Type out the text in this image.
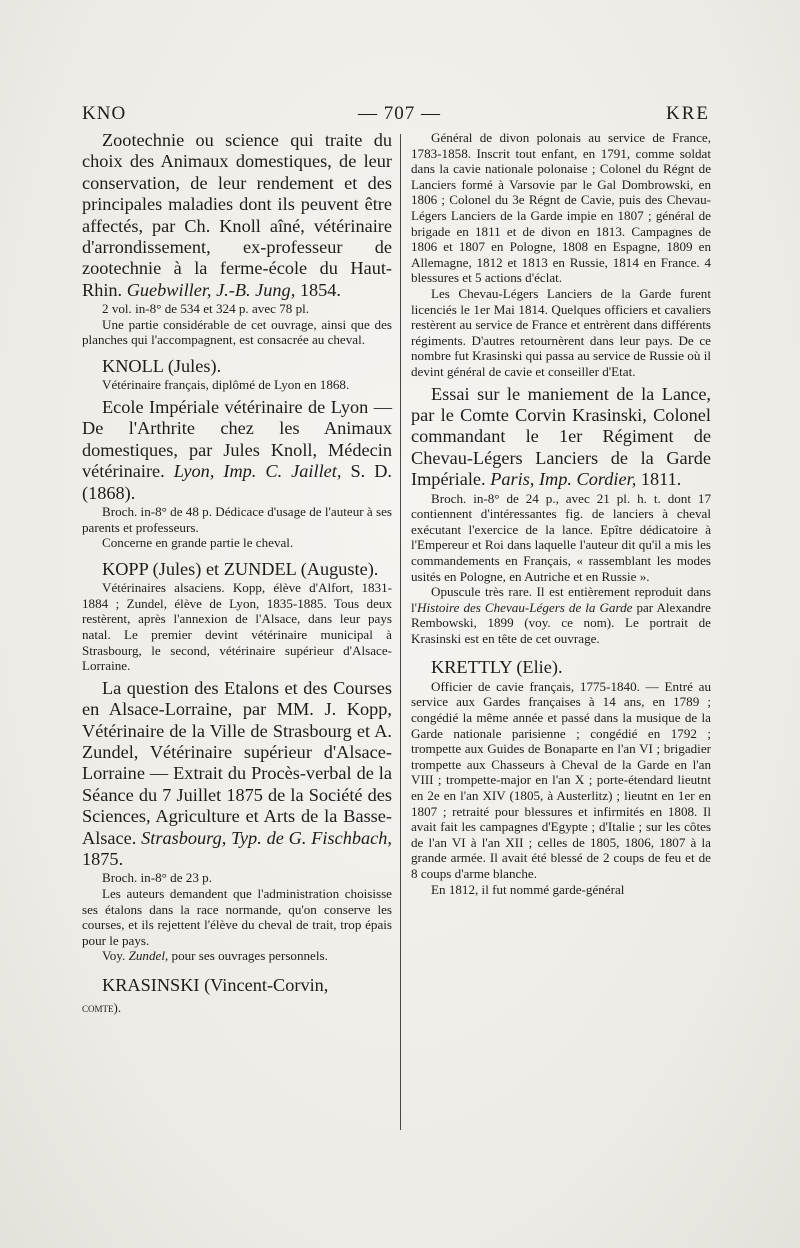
KNO	— 707 —	KRE

Zootechnie ou science qui traite du choix des Animaux domestiques, de leur conservation, de leur rendement et des principales maladies dont ils peuvent être affectés, par Ch. Knoll aîné, vétérinaire d'arrondissement, ex-professeur de zootechnie à la ferme-école du Haut-Rhin. Guebwiller, J.-B. Jung, 1854.

2 vol. in-8° de 534 et 324 p. avec 78 pl.

Une partie considérable de cet ouvrage, ainsi que des planches qui l'accompagnent, est consacrée au cheval.

KNOLL (Jules).

Vétérinaire français, diplômé de Lyon en 1868.

Ecole Impériale vétérinaire de Lyon — De l'Arthrite chez les Animaux domestiques, par Jules Knoll, Médecin vétérinaire. Lyon, Imp. C. Jaillet, S. D. (1868).

Broch. in-8° de 48 p. Dédicace d'usage de l'auteur à ses parents et professeurs.

Concerne en grande partie le cheval.

KOPP (Jules) et ZUNDEL (Auguste).

Vétérinaires alsaciens. Kopp, élève d'Alfort, 1831-1884 ; Zundel, élève de Lyon, 1835-1885. Tous deux restèrent, après l'annexion de l'Alsace, dans leur pays natal. Le premier devint vétérinaire municipal à Strasbourg, le second, vétérinaire supérieur d'Alsace-Lorraine.

La question des Etalons et des Courses en Alsace-Lorraine, par MM. J. Kopp, Vétérinaire de la Ville de Strasbourg et A. Zundel, Vétérinaire supérieur d'Alsace-Lorraine — Extrait du Procès-verbal de la Séance du 7 Juillet 1875 de la Société des Sciences, Agriculture et Arts de la Basse-Alsace. Strasbourg, Typ. de G. Fischbach, 1875.

Broch. in-8° de 23 p.

Les auteurs demandent que l'administration choisisse ses étalons dans la race normande, qu'on conserve les courses, et ils rejettent l'élève du cheval de trait, trop épais pour le pays.

Voy. Zundel, pour ses ouvrages personnels.

KRASINSKI (Vincent-Corvin,
comte).

Général de divon polonais au service de France, 1783-1858. Inscrit tout enfant, en 1791, comme soldat dans la cavie nationale polonaise ; Colonel du Régnt de Lanciers formé à Varsovie par le Gal Dombrowski, en 1806 ; Colonel du 3e Régnt de Cavie, puis des Chevau-Légers Lanciers de la Garde impie en 1807 ; général de brigade en 1811 et de divon en 1813. Campagnes de 1806 et 1807 en Pologne, 1808 en Espagne, 1809 en Allemagne, 1812 et 1813 en Russie, 1814 en France. 4 blessures et 5 actions d'éclat.

Les Chevau-Légers Lanciers de la Garde furent licenciés le 1er Mai 1814. Quelques officiers et cavaliers restèrent au service de France et entrèrent dans différents régiments. D'autres retournèrent dans leur pays. De ce nombre fut Krasinski qui passa au service de Russie où il devint général de cavie et conseiller d'Etat.

Essai sur le maniement de la Lance, par le Comte Corvin Krasinski, Colonel commandant le 1er Régiment de Chevau-Légers Lanciers de la Garde Impériale. Paris, Imp. Cordier, 1811.

Broch. in-8° de 24 p., avec 21 pl. h. t. dont 17 contiennent d'intéressantes fig. de lanciers à cheval exécutant l'exercice de la lance. Epître dédicatoire à l'Empereur et Roi dans laquelle l'auteur dit qu'il a mis les commandements en Français, « rassemblant les modes usités en Pologne, en Autriche et en Russie ».

Opuscule très rare. Il est entièrement reproduit dans l'Histoire des Chevau-Légers de la Garde par Alexandre Rembowski, 1899 (voy. ce nom). Le portrait de Krasinski est en tête de cet ouvrage.

KRETTLY (Elie).

Officier de cavie français, 1775-1840. — Entré au service aux Gardes françaises à 14 ans, en 1789 ; congédié la même année et passé dans la musique de la Garde nationale parisienne ; congédié en 1792 ; trompette aux Guides de Bonaparte en l'an VI ; brigadier trompette aux Chasseurs à Cheval de la Garde en l'an VIII ; trompette-major en l'an X ; porte-étendard lieutnt en 2e en l'an XIV (1805, à Austerlitz) ; lieutnt en 1er en 1807 ; retraité pour blessures et infirmités en 1808. Il avait fait les campagnes d'Egypte ; d'Italie ; sur les côtes de l'an VI à l'an XII ; celles de 1805, 1806, 1807 à la grande armée. Il avait été blessé de 2 coups de feu et de 8 coups d'arme blanche.

En 1812, il fut nommé garde-général
